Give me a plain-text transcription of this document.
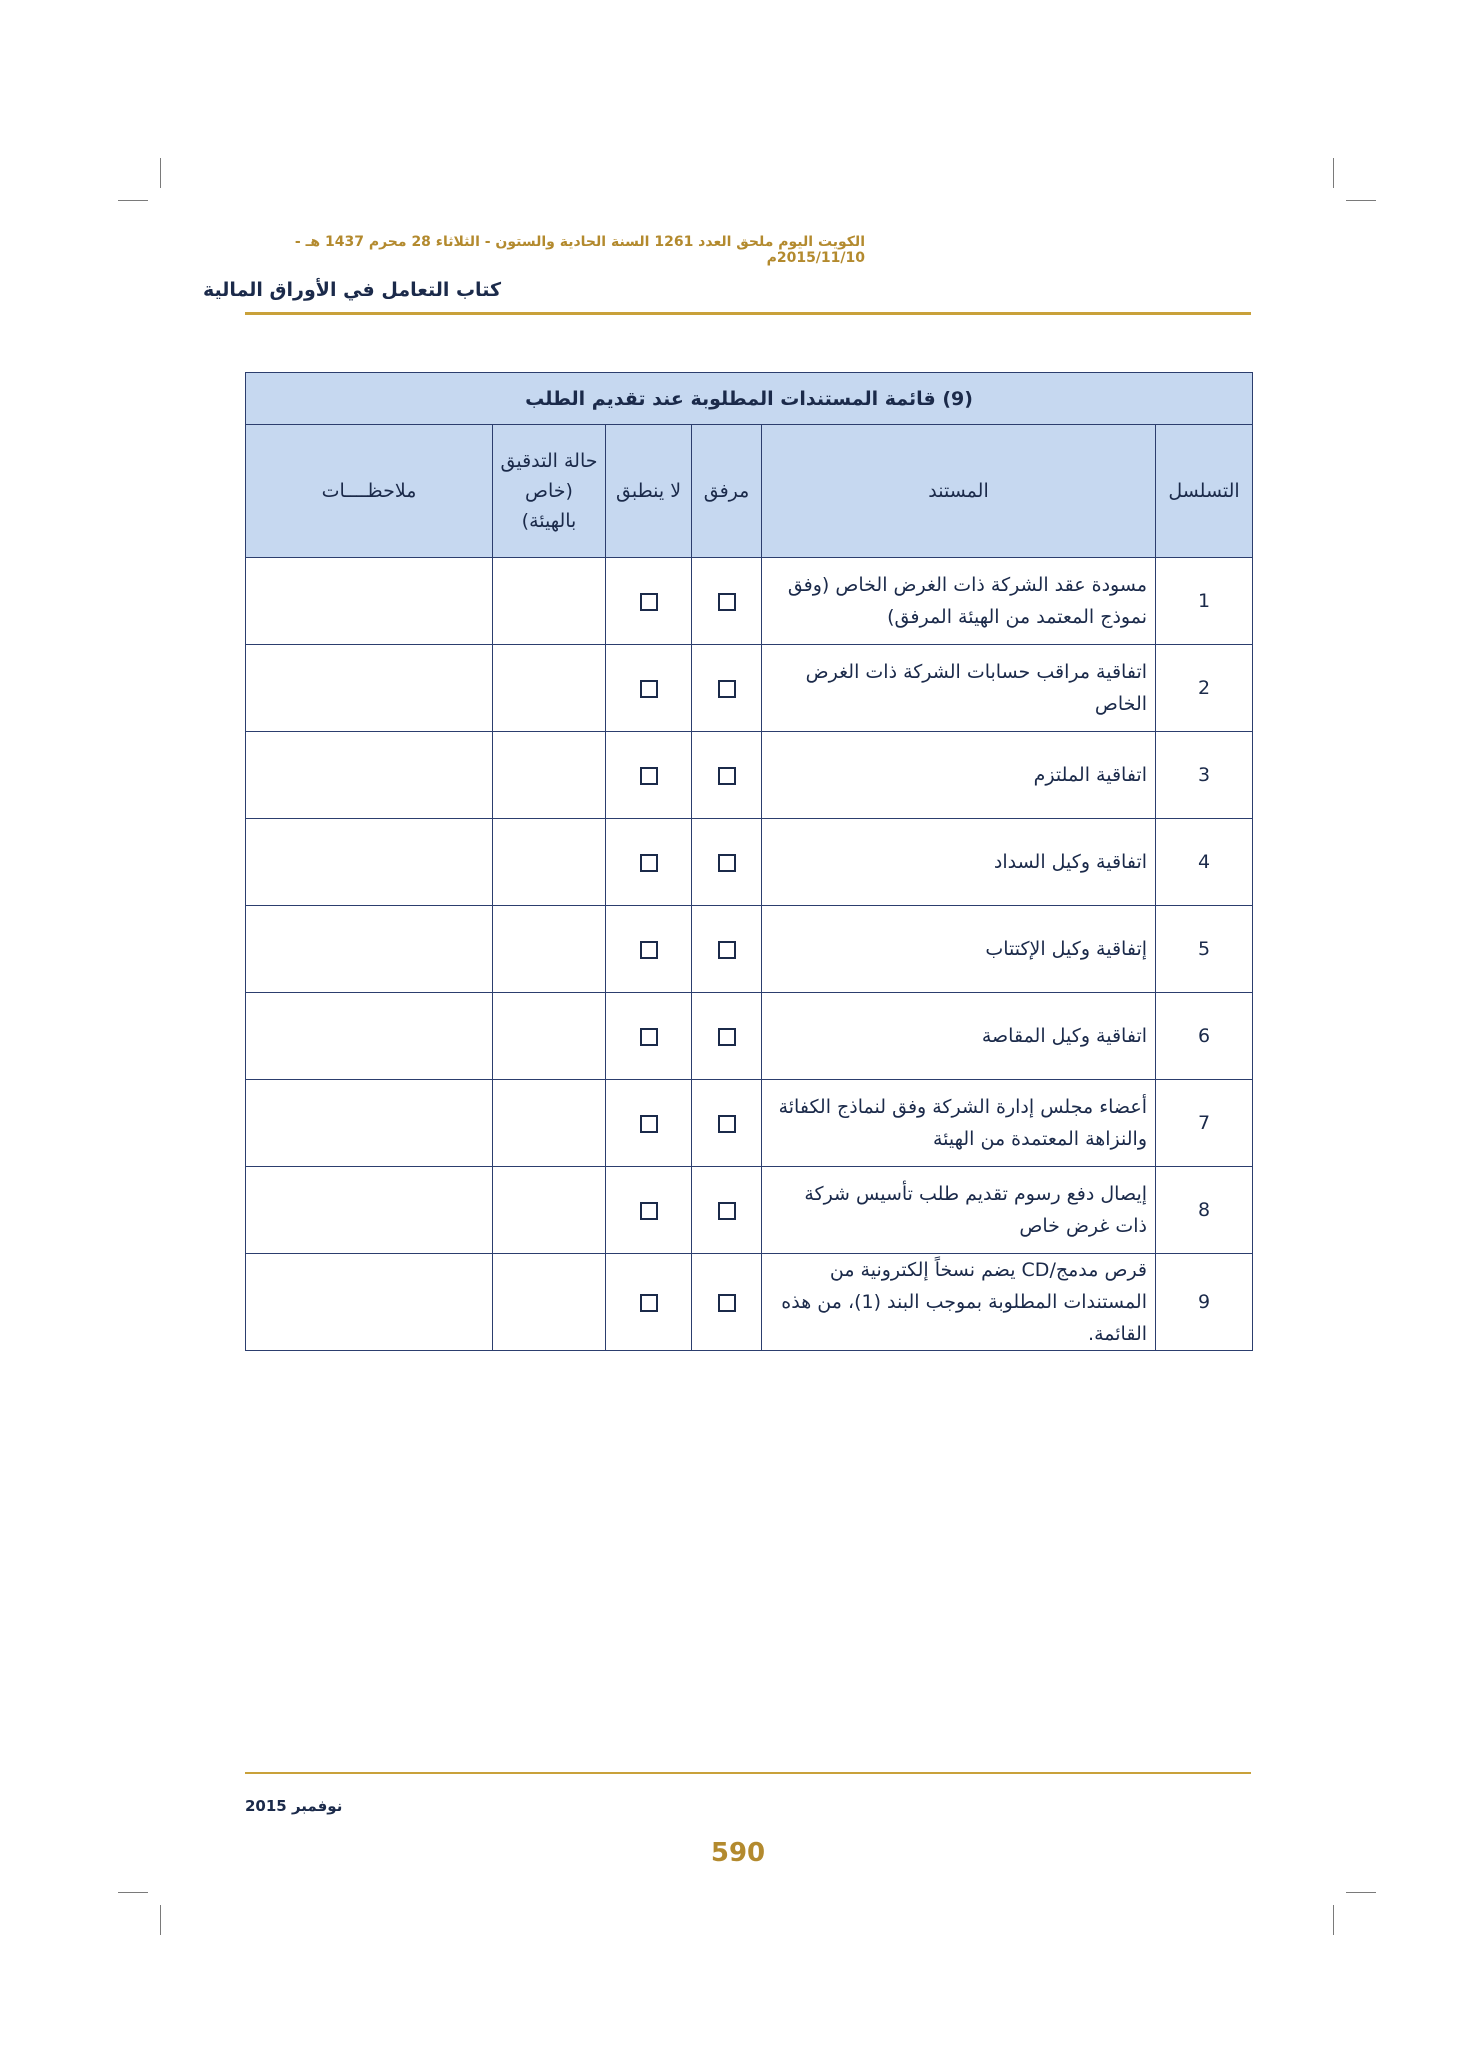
الكويت اليوم ملحق العدد 1261 السنة الحادية والستون - الثلاثاء 28 محرم 1437 هـ - 2015/11/10م
كتاب التعامل في الأوراق المالية
(9) قائمة المستندات المطلوبة عند تقديم الطلب					
التسلسل	المستند	مرفق	لا ينطبق	حالة التدقيق (خاص بالهيئة)	ملاحظــــات
1	مسودة عقد الشركة ذات الغرض الخاص (وفق نموذج المعتمد من الهيئة المرفق)				
2	اتفاقية مراقب حسابات الشركة ذات الغرض الخاص				
3	اتفاقية الملتزم				
4	اتفاقية وكيل السداد				
5	إتفاقية وكيل الإكتتاب				
6	اتفاقية وكيل المقاصة				
7	أعضاء مجلس إدارة الشركة وفق لنماذج الكفائة والنزاهة المعتمدة من الهيئة				
8	إيصال دفع رسوم تقديم طلب تأسيس شركة ذات غرض خاص				
9	قرص مدمج/CD يضم نسخاً إلكترونية من المستندات المطلوبة بموجب البند (1)، من هذه القائمة.				
نوفمبر 2015
590
